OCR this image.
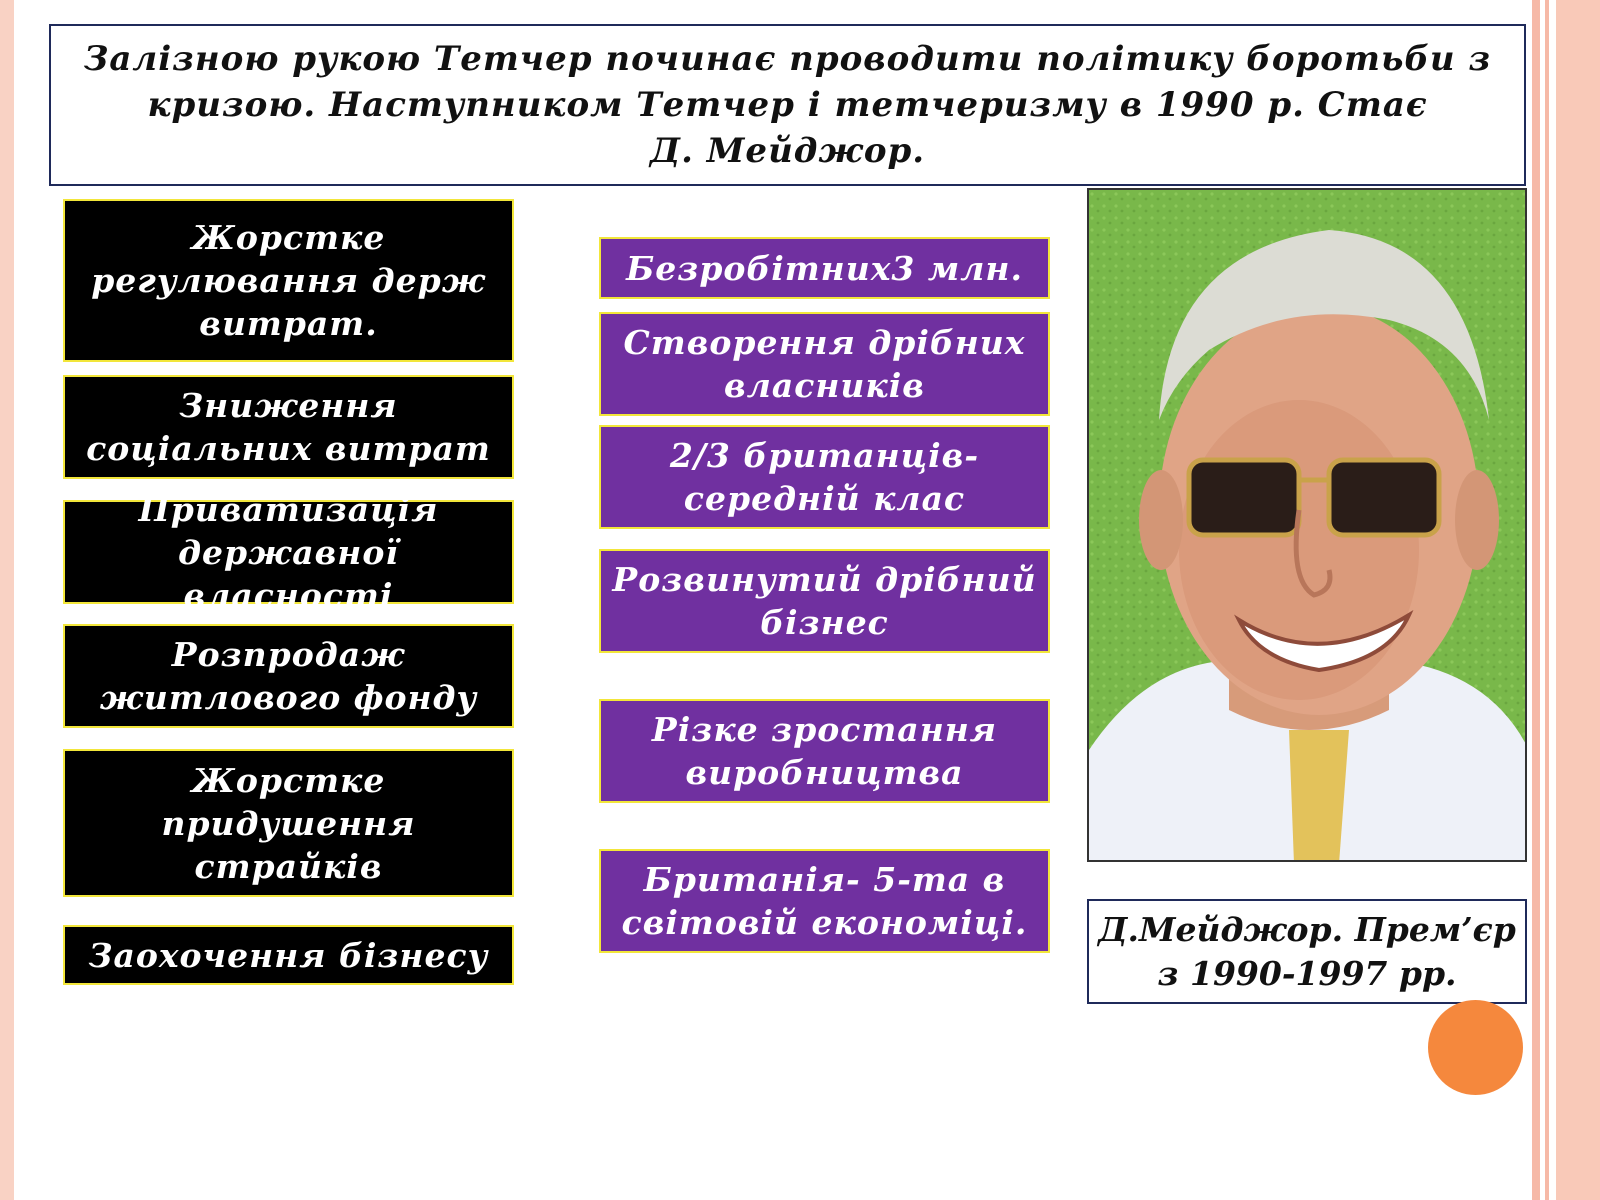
Залізною рукою Тетчер починає проводити політику боротьби з
кризою. Наступником Тетчер і тетчеризму в 1990 р. Стає
Д. Мейджор.
Жорстке
регулювання держ
витрат.
Зниження
соціальних витрат
Приватизація
державної власності
Розпродаж
житлового фонду
Жорстке
придушення
страйків
Заохочення бізнесу
Безробітних3 млн.
Створення дрібних
власників
2/3 британців-
середній клас
Розвинутий дрібний
бізнес
Різке зростання
виробництва
Британія- 5-та в
світовій економіці. Д.Мейджор. Прем’єр
з 1990-1997 рр.
